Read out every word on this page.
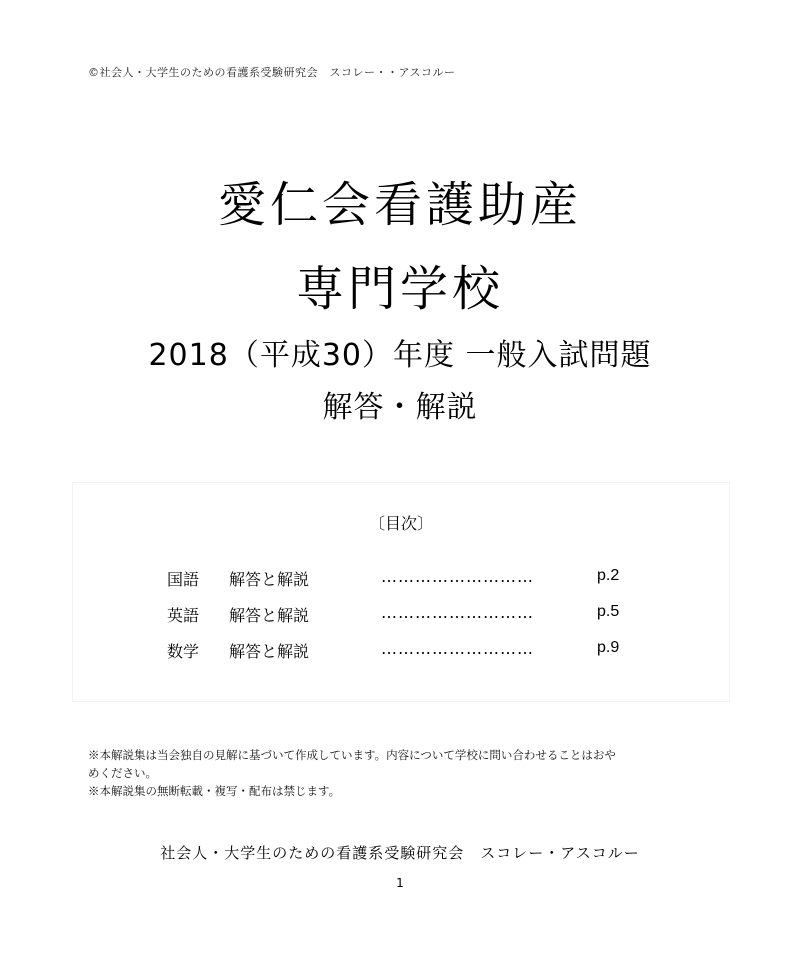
©社会人・大学生のための看護系受験研究会　スコレー・・アスコルー
愛仁会看護助産
専門学校
2018（平成30）年度 一般入試問題
解答・解説
〔目次〕
国語 解答と解説	………………………	p.2
英語 解答と解説	………………………	p.5
数学 解答と解説	………………………	p.9

※本解説集は当会独自の見解に基づいて作成しています。内容について学校に問い合わせることはおや

めください。

※本解説集の無断転載・複写・配布は禁じます。

社会人・大学生のための看護系受験研究会　スコレー・アスコルー
1
